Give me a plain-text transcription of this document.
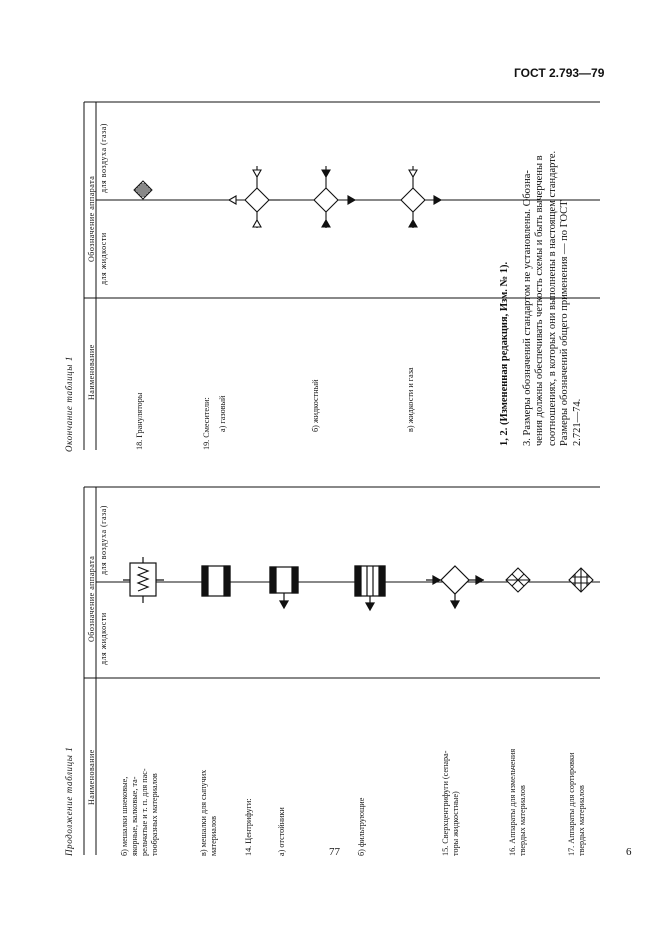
ГОСТ 2.793—79
77	6
Продолжение таблицы 1 Наименование
Обозначение аппарата для жидкости
для воздуха (газа)
б) мешалки шнековые, якорные, валковые, та- рельчатые и т. п. для пас- тообразных материалов	в) мешалки для сыпучих материалов	14. Центрифуги:	а) отстойники	б) фильтрующие	15. Сверхцентрифуги (сепара- торы жидкостные)	16. Аппараты для измельчения твердых материалов	17. Аппараты для сортировки твердых материалов
Окончание таблицы 1 Наименование
Обозначение аппарата для жидкости
для воздуха (газа)
18. Грануляторы	19. Смесители: а) газовый	б) жидкостный	в) жидкости и газа	1, 2. (Измененная редакция, Изм. № 1). 3. Размеры обозначений стандартом не установлены. Обозна- чения должны обеспечивать четкость схемы и быть вычерчены в соотношениях, в которых они выполнены в настоящем стандарте. Размеры обозначений общего применения — по ГОСТ 2.721—74.
